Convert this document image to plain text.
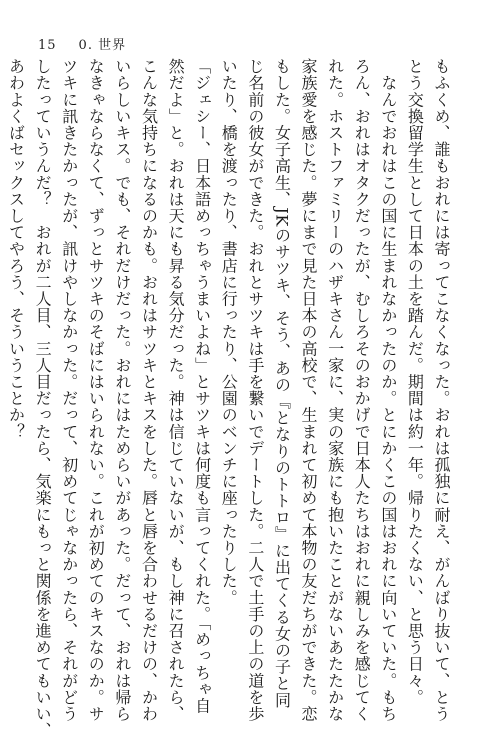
15 0. 世界
もふくめ、誰もおれには寄ってこなくなった。おれは孤独に耐え、がんばり抜いて、とう
とう交換留学生として日本の土を踏んだ。期間は約一年。帰りたくない、と思う日々。
　なんでおれはこの国に生まれなかったのか。とにかくこの国はおれに向いていた。もち
ろん、おれはオタクだったが、むしろそのおかげで日本人たちはおれに親しみを感じてく
れた。ホストファミリーのハザキさん一家に、実の家族にも抱いたことがないあたたかな
家族愛を感じた。夢にまで見た日本の高校で、生まれて初めて本物の友だちができた。恋
もした。女子高生、JKのサツキ、そう、あの『となりのトトロ』に出てくる女の子と同
じ名前の彼女ができた。おれとサツキは手を繋いでデートした。二人で土手の上の道を歩
いたり、橋を渡ったり、書店に行ったり、公園のベンチに座ったりした。
「ジェシー、日本語めっちゃうまいよね」とサツキは何度も言ってくれた。「めっちゃ自
然だよ」と。おれは天にも昇る気分だった。神は信じていないが、もし神に召されたら、
こんな気持ちになるのかも。おれはサツキとキスをした。唇と唇を合わせるだけの、かわ
いらしいキス。でも、それだけだった。おれにはためらいがあった。だって、おれは帰ら
なきゃならなくて、ずっとサツキのそばにはいられない。これが初めてのキスなのか。サ
ツキに訊きたかったが、訊けやしなかった。だって、初めてじゃなかったら、それがどう
したっていうんだ？　おれが二人目、三人目だったら、気楽にもっと関係を進めてもいい、
あわよくばセックスしてやろう、そういうことか？
